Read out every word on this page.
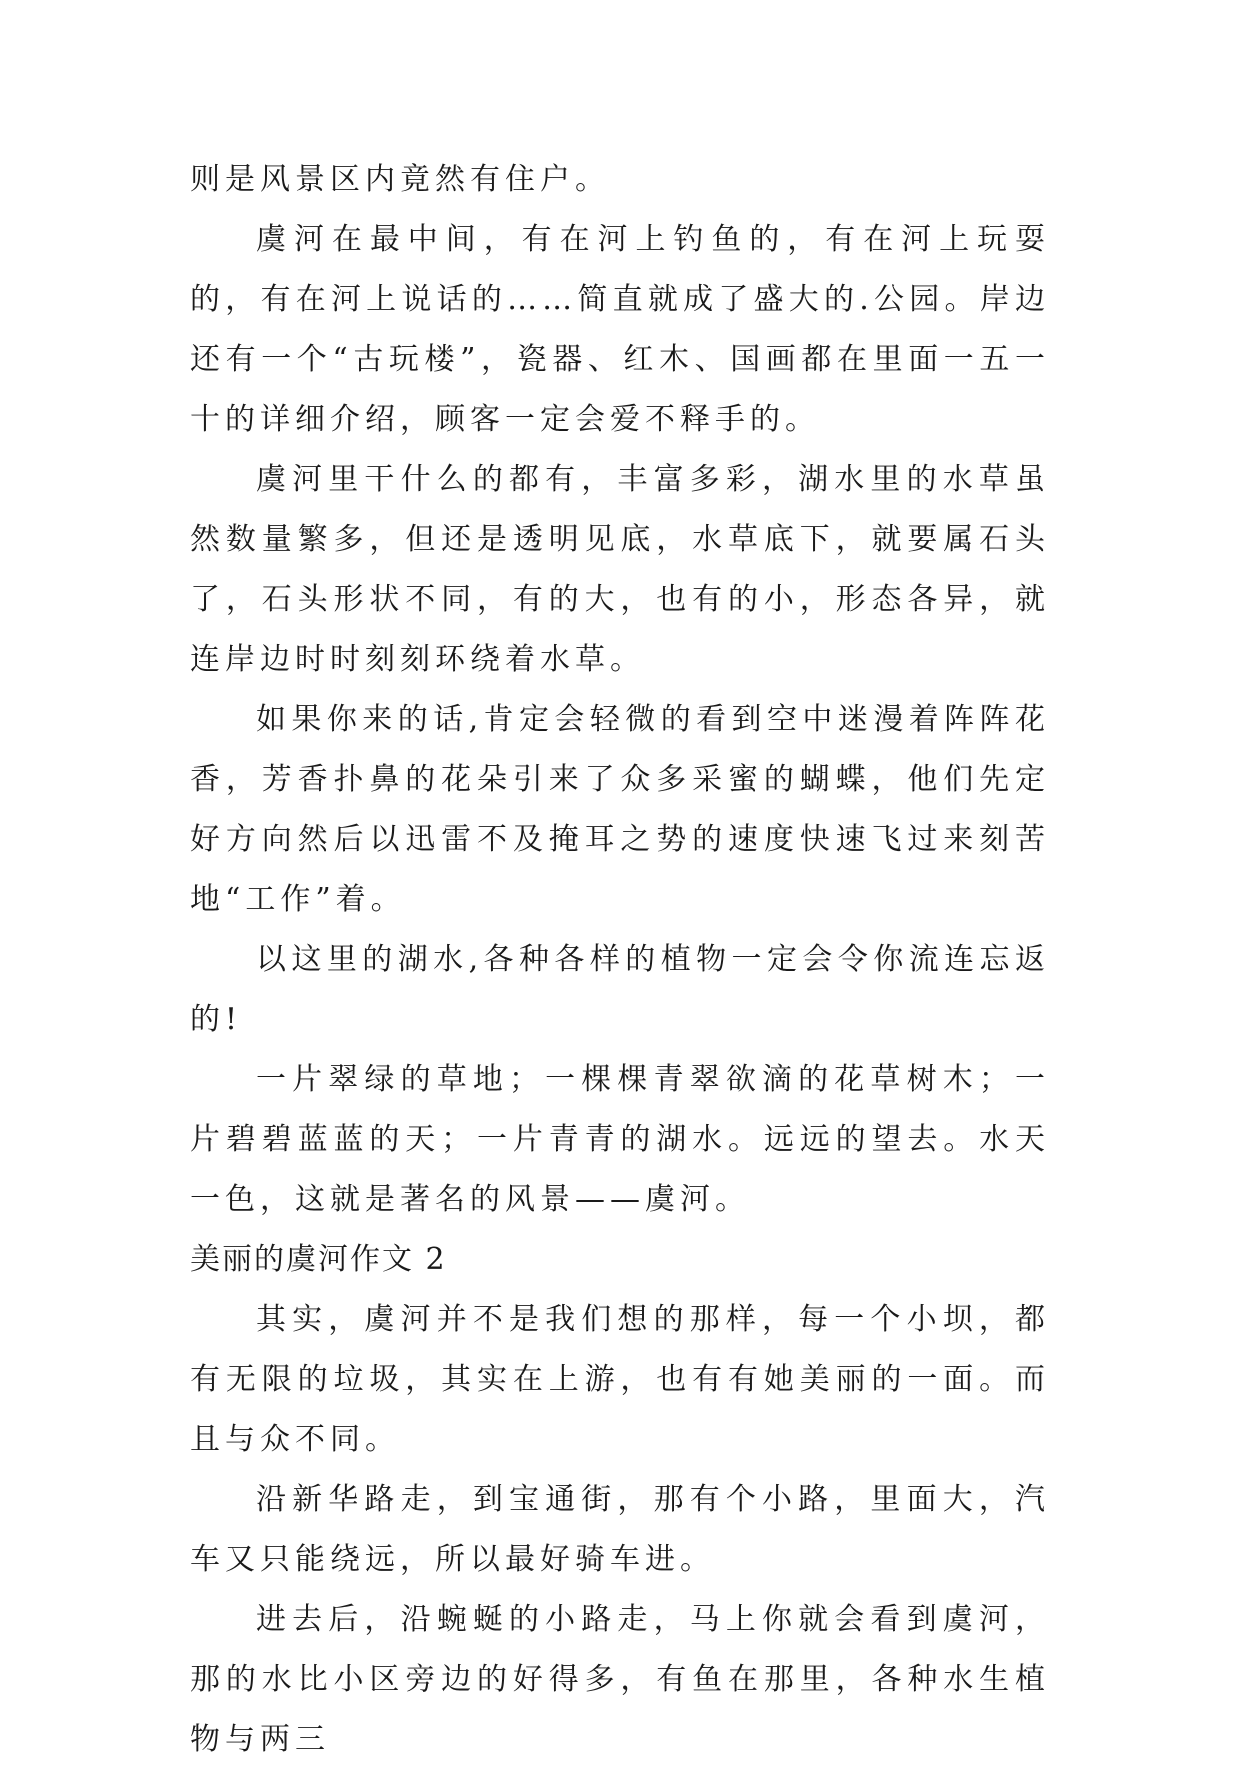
则是风景区内竟然有住户。

虞河在最中间，有在河上钓鱼的，有在河上玩耍的，有在河上说话的……简直就成了盛大的.公园。岸边还有一个“古玩楼”，瓷器、红木、国画都在里面一五一十的详细介绍，顾客一定会爱不释手的。

虞河里干什么的都有，丰富多彩，湖水里的水草虽然数量繁多，但还是透明见底，水草底下，就要属石头了，石头形状不同，有的大，也有的小，形态各异，就连岸边时时刻刻环绕着水草。

如果你来的话,肯定会轻微的看到空中迷漫着阵阵花香，芳香扑鼻的花朵引来了众多采蜜的蝴蝶，他们先定好方向然后以迅雷不及掩耳之势的速度快速飞过来刻苦地“工作”着。

以这里的湖水,各种各样的植物一定会令你流连忘返的!

一片翠绿的草地；一棵棵青翠欲滴的花草树木；一片碧碧蓝蓝的天；一片青青的湖水。远远的望去。水天一色，这就是著名的风景——虞河。

美丽的虞河作文 2

其实，虞河并不是我们想的那样，每一个小坝，都有无限的垃圾，其实在上游，也有有她美丽的一面。而且与众不同。

沿新华路走，到宝通街，那有个小路，里面大，汽车又只能绕远，所以最好骑车进。

进去后，沿蜿蜒的小路走，马上你就会看到虞河，那的水比小区旁边的好得多，有鱼在那里，各种水生植物与两三
